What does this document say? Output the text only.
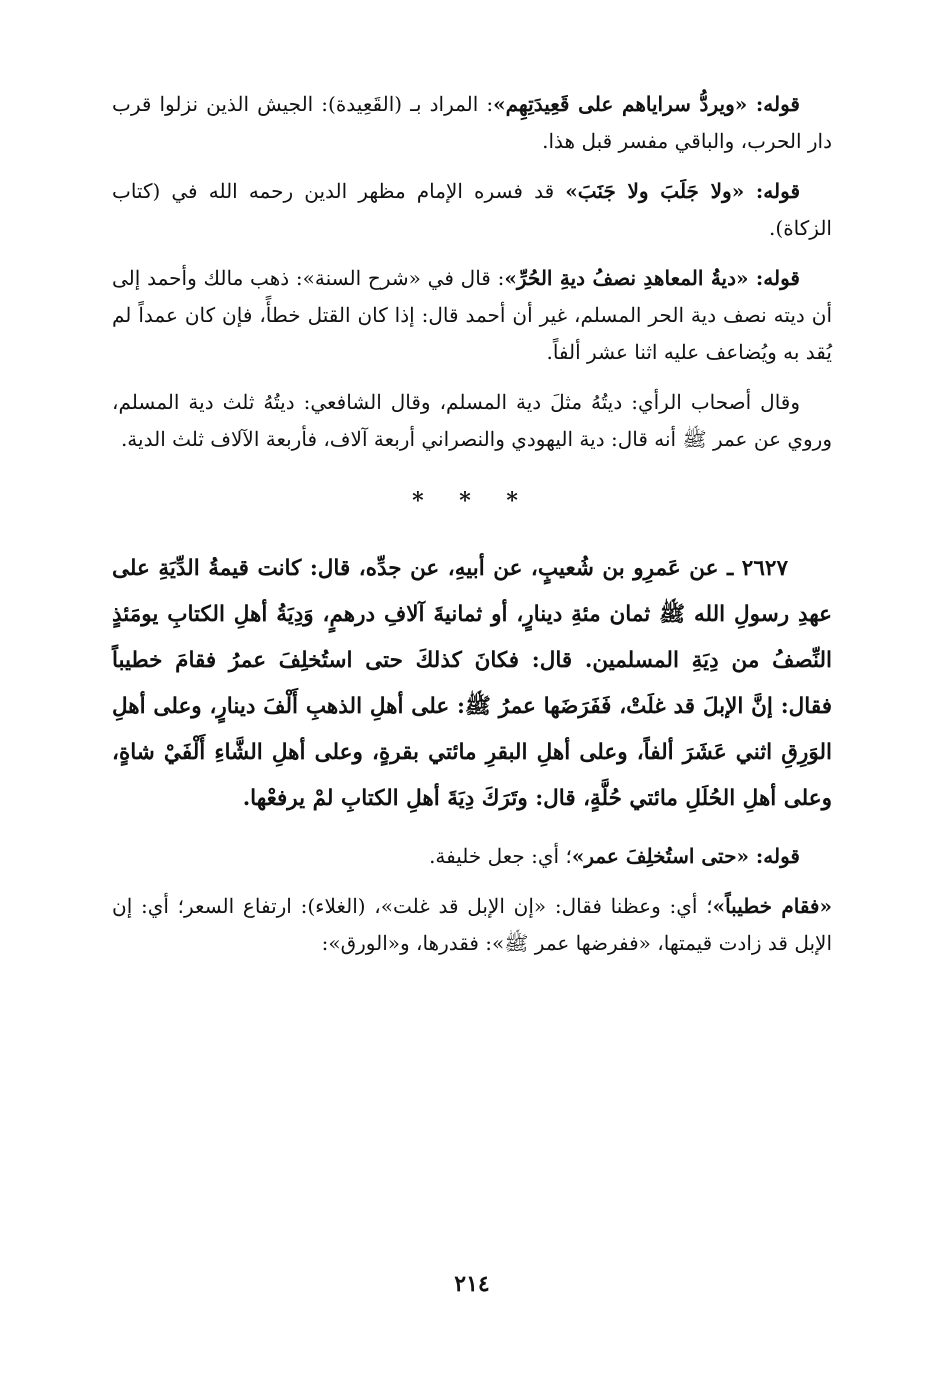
قوله: «ويردُّ سراياهم على قَعِيدَتِهِم»: المراد بـ (القَعِيدة): الجيش الذين نزلوا قرب دار الحرب، والباقي مفسر قبل هذا.

قوله: «ولا جَلَبَ ولا جَنَبَ» قد فسره الإمام مظهر الدين رحمه الله في (كتاب الزكاة).

قوله: «ديةُ المعاهدِ نصفُ ديةِ الحُرِّ»: قال في «شرح السنة»: ذهب مالك وأحمد إلى أن ديته نصف دية الحر المسلم، غير أن أحمد قال: إذا كان القتل خطأً، فإن كان عمداً لم يُقد به ويُضاعف عليه اثنا عشر ألفاً.

وقال أصحاب الرأي: ديتُهُ مثلَ دية المسلم، وقال الشافعي: ديتُهُ ثلث دية المسلم، وروي عن عمر ﷺ أنه قال: دية اليهودي والنصراني أربعة آلاف، فأربعة الآلاف ثلث الدية.

* * *

٢٦٢٧ ـ عن عَمرِو بن شُعيبٍ، عن أبيهِ، عن جدِّه، قال: كانت قيمةُ الدِّيَةِ على عهدِ رسولِ الله ﷺ ثمان مئةِ دينارٍ، أو ثمانيةَ آلافِ درهمٍ، وَدِيَةُ أهلِ الكتابِ يومَئذٍ النِّصفُ من دِيَةِ المسلمين. قال: فكانَ كذلكَ حتى استُخلِفَ عمرُ فقامَ خطيباً فقال: إنَّ الإبلَ قد غلَتْ، فَفَرَضَها عمرُ ﷺ: على أهلِ الذهبِ أَلْفَ دينارٍ، وعلى أهلِ الوَرِقِ اثني عَشَرَ ألفاً، وعلى أهلِ البقرِ مائتي بقرةٍ، وعلى أهلِ الشَّاءِ أَلْفَيْ شاةٍ، وعلى أهلِ الحُلَلِ مائتي حُلَّةٍ، قال: وتَرَكَ دِيَةَ أهلِ الكتابِ لمْ يرفعْها.

قوله: «حتى استُخلِفَ عمر»؛ أي: جعل خليفة.

«فقام خطيباً»؛ أي: وعظنا فقال: «إن الإبل قد غلت»، (الغلاء): ارتفاع السعر؛ أي: إن الإبل قد زادت قيمتها، «ففرضها عمر ﷺ»: فقدرها، و«الورق»:

٢١٤
